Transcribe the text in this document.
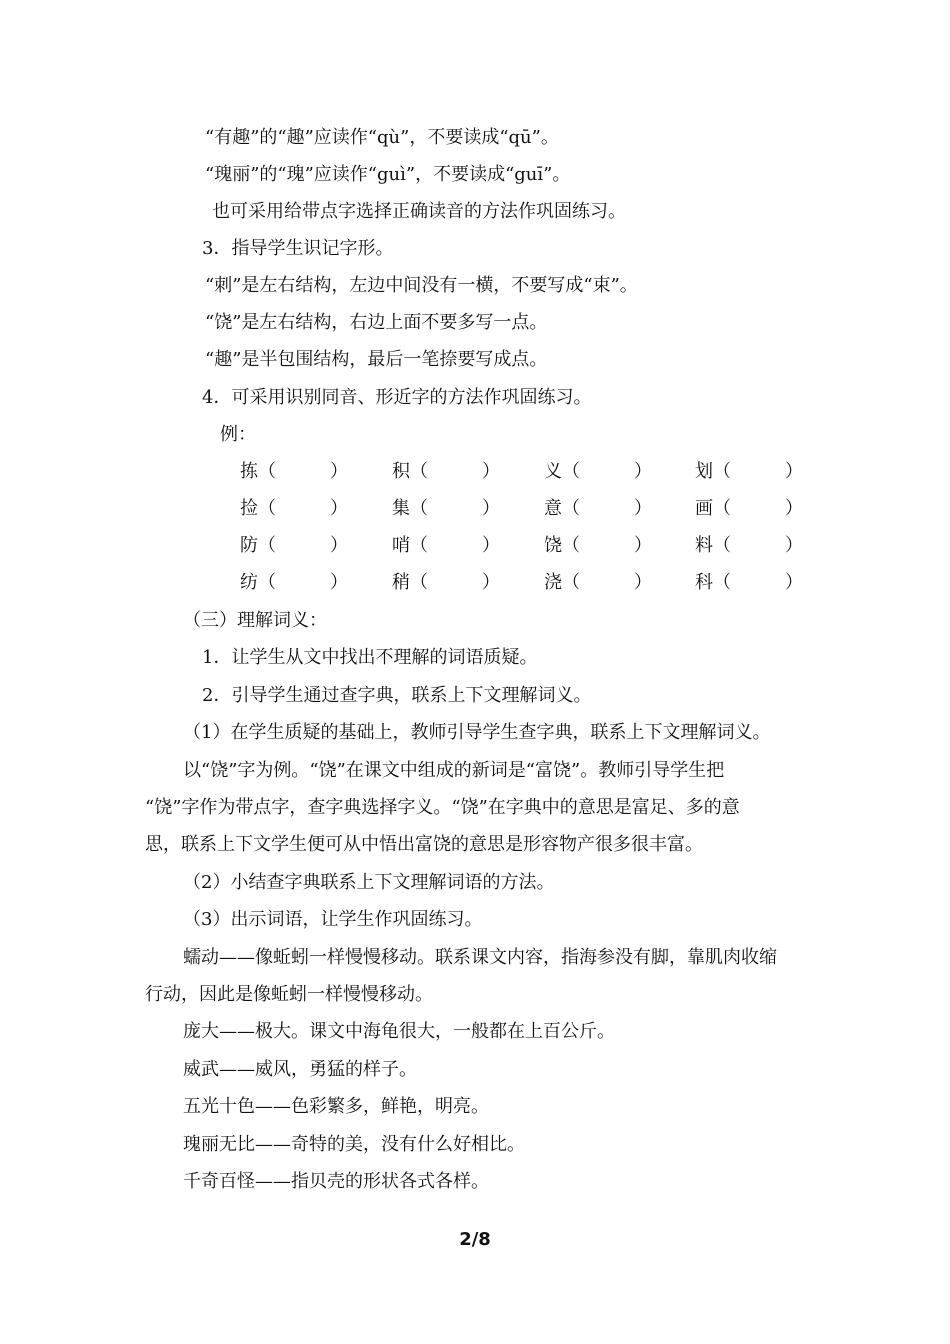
“有趣”的“趣”应读作“qù”，不要读成“qū”。
“瑰丽”的“瑰”应读作“guì”，不要读成“guī”。
也可采用给带点字选择正确读音的方法作巩固练习。
3．指导学生识记字形。
“刺”是左右结构，左边中间没有一横，不要写成“束”。
“饶”是左右结构，右边上面不要多写一点。
“趣”是半包围结构，最后一笔捺要写成点。
4．可采用识别同音、形近字的方法作巩固练习。
例：
拣（　　　） 积（　　　） 义（　　　） 划（　　　）
捡（　　　） 集（　　　） 意（　　　） 画（　　　）
防（　　　） 哨（　　　） 饶（　　　） 料（　　　）
纺（　　　） 稍（　　　） 浇（　　　） 科（　　　）
（三）理解词义：
1．让学生从文中找出不理解的词语质疑。
2．引导学生通过查字典，联系上下文理解词义。
（1）在学生质疑的基础上，教师引导学生查字典，联系上下文理解词义。
以“饶”字为例。“饶”在课文中组成的新词是“富饶”。教师引导学生把
“饶”字作为带点字，查字典选择字义。“饶”在字典中的意思是富足、多的意
思，联系上下文学生便可从中悟出富饶的意思是形容物产很多很丰富。
（2）小结查字典联系上下文理解词语的方法。
（3）出示词语，让学生作巩固练习。
蠕动——像蚯蚓一样慢慢移动。联系课文内容，指海参没有脚，靠肌肉收缩
行动，因此是像蚯蚓一样慢慢移动。
庞大——极大。课文中海龟很大，一般都在上百公斤。
威武——威风，勇猛的样子。
五光十色——色彩繁多，鲜艳，明亮。
瑰丽无比——奇特的美，没有什么好相比。
千奇百怪——指贝壳的形状各式各样。
2/8
